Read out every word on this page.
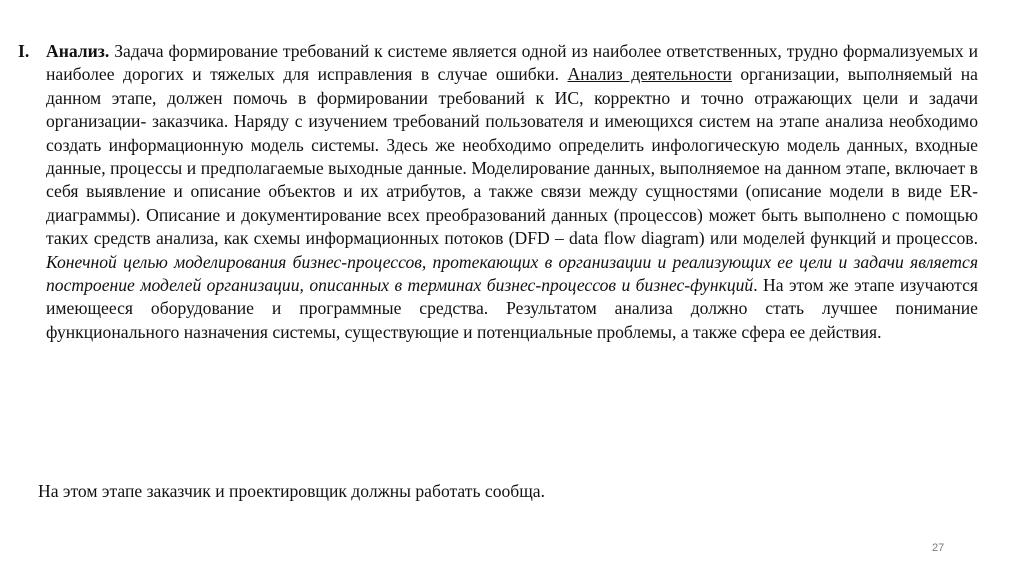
I. Анализ. Задача формирование требований к системе является одной из наиболее ответственных, трудно формализуемых и наиболее дорогих и тяжелых для исправления в случае ошибки. Анализ деятельности организации, выполняемый на данном этапе, должен помочь в формировании требований к ИС, корректно и точно отражающих цели и задачи организации- заказчика. Наряду с изучением требований пользователя и имеющихся систем на этапе анализа необходимо создать информационную модель системы. Здесь же необходимо определить инфологическую модель данных, входные данные, процессы и предполагаемые выходные данные. Моделирование данных, выполняемое на данном этапе, включает в себя выявление и описание объектов и их атрибутов, а также связи между сущностями (описание модели в виде ER-диаграммы). Описание и документирование всех преобразований данных (процессов) может быть выполнено с помощью таких средств анализа, как схемы информационных потоков (DFD – data flow diagram) или моделей функций и процессов. Конечной целью моделирования бизнес-процессов, протекающих в организации и реализующих ее цели и задачи является построение моделей организации, описанных в терминах бизнес-процессов и бизнес-функций. На этом же этапе изучаются имеющееся оборудование и программные средства. Результатом анализа должно стать лучшее понимание функционального назначения системы, существующие и потенциальные проблемы, а также сфера ее действия.
На этом этапе заказчик и проектировщик должны работать сообща.
27
